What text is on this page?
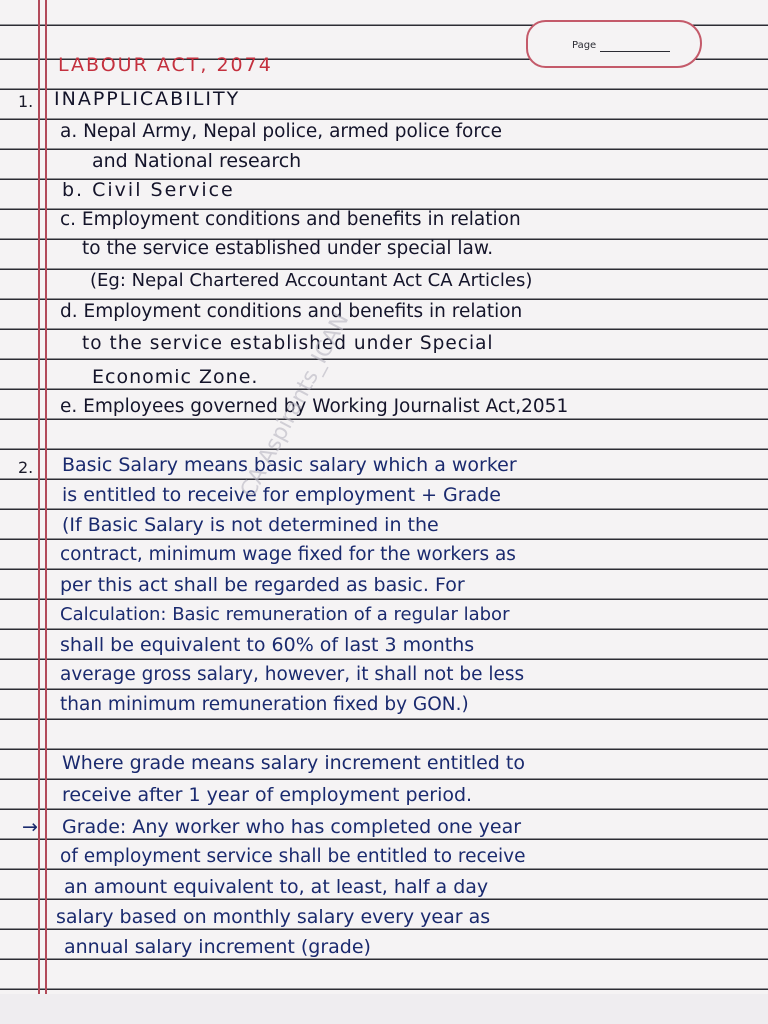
Page
LABOUR ACT, 2074
1. INAPPLICABILITY
a. Nepal Army, Nepal police, armed police force
and National research
b. Civil Service
c. Employment conditions and benefits in relation
to the service established under special law.
(Eg: Nepal Chartered Accountant Act CA Articles)
d. Employment conditions and benefits in relation
to the service established under Special
Economic Zone.
e. Employees governed by Working Journalist Act,2051
2. Basic Salary means basic salary which a worker
is entitled to receive for employment + Grade
(If Basic Salary is not determined in the
contract, minimum wage fixed for the workers as
per this act shall be regarded as basic. For
Calculation: Basic remuneration of a regular labor
shall be equivalent to 60% of last 3 months
average gross salary, however, it shall not be less
than minimum remuneration fixed by GON.)
Where grade means salary increment entitled to
receive after 1 year of employment period.
→ Grade: Any worker who has completed one year
of employment service shall be entitled to receive
an amount equivalent to, at least, half a day
salary based on monthly salary every year as
annual salary increment (grade)
CA Aspirants_ICAN
